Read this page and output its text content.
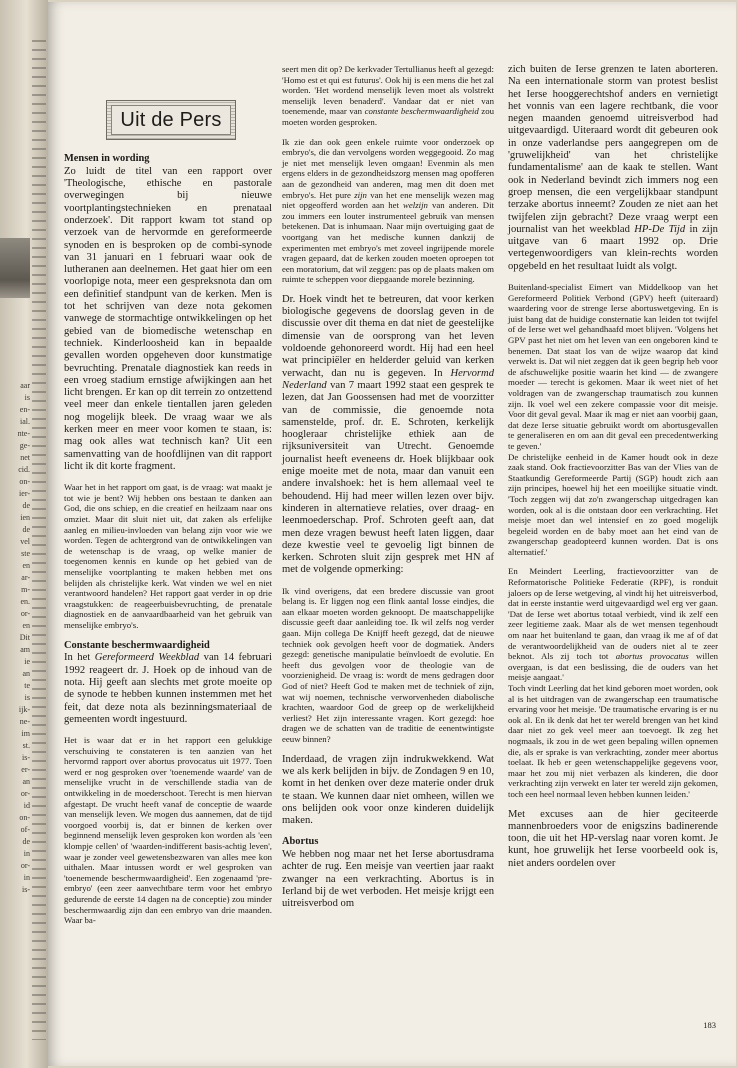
aar
is
en-
ial.
nte-
ge-
net
cid.
on-
ier-
de
ien
de
vel
ste
en
ar-
m-
en.
or-
en
Dit
am
ie
an
te
is
ijk-
ne-
im
st.
is-
er-
an
or-
id
on-
of-
de
in
or-
in
is-
Uit de Pers
Mensen in wording

Zo luidt de titel van een rapport over 'Theologische, ethische en pastorale overwegingen bij nieuwe voortplantingstechnieken en prenataal onderzoek'. Dit rapport kwam tot stand op verzoek van de hervormde en gereformeerde synoden en is besproken op de combi-synode van 31 januari en 1 februari waar ook de lutheranen aan deelnemen. Het gaat hier om een voorlopige nota, meer een gespreksnota dan om een definitief standpunt van de kerken. Men is tot het schrijven van deze nota gekomen vanwege de stormachtige ontwikkelingen op het gebied van de biomedische wetenschap en techniek. Kinderloosheid kan in bepaalde gevallen worden opgeheven door kunstmatige bevruchting. Prenatale diagnostiek kan reeds in een vroeg stadium ernstige afwijkingen aan het licht brengen. Er kan op dit terrein zo ontzettend veel meer dan enkele tientallen jaren geleden nog mogelijk bleek. De vraag waar we als kerken meer en meer voor komen te staan, is: mag ook alles wat technisch kan? Uit een samenvatting van de hoofdlijnen van dit rapport licht ik dit korte fragment.

Waar het in het rapport om gaat, is de vraag: wat maakt je tot wie je bent? Wij hebben ons bestaan te danken aan God, die ons schiep, en die creatief en heilzaam naar ons omziet. Maar dit sluit niet uit, dat zaken als erfelijke aanleg en milieu-invloeden van belang zijn voor wie we worden. Tegen de achtergrond van de ontwikkelingen van de wetenschap is de vraag, op welke manier de toegenomen kennis en kunde op het gebied van de menselijke voortplanting te maken hebben met ons belijden als christelijke kerk. Wat vinden we wel en niet verantwoord handelen? Het rapport gaat verder in op drie vraagstukken: de reageerbuisbevruchting, de prenatale diagnostiek en de aanvaardbaarheid van het gebruik van menselijke embryo's.

Constante beschermwaardigheid

In het Gereformeerd Weekblad van 14 februari 1992 reageert dr. J. Hoek op de inhoud van de nota. Hij geeft aan slechts met grote moeite op de synode te hebben kunnen instemmen met het feit, dat deze nota als bezinningsmateriaal de gemeenten wordt ingestuurd.

Het is waar dat er in het rapport een gelukkige verschuiving te constateren is ten aanzien van het hervormd rapport over abortus provocatus uit 1977. Toen werd er nog gesproken over 'toenemende waarde' van de menselijke vrucht in de verschillende stadia van de ontwikkeling in de moederschoot. Terecht is men hiervan afgestapt. De vrucht heeft vanaf de conceptie de waarde van menselijk leven. We mogen dus aannemen, dat de tijd voorgoed voorbij is, dat er binnen de kerken over beginnend menselijk leven gesproken kon worden als 'een klompje cellen' of 'waarden-indifferent basis-achtig leven', waar je zonder veel gewetensbezwaren van alles mee kon uithalen. Maar intussen wordt er wel gesproken van 'toenemende beschermwaardigheid'. Een zogenaamd 'pre-embryo' (een zeer aanvechtbare term voor het embryo gedurende de eerste 14 dagen na de conceptie) zou minder beschermwaardig zijn dan een embryo van drie maanden. Waar ba-

seert men dit op? De kerkvader Tertullianus heeft al gezegd: 'Homo est et qui est futurus'. Ook hij is een mens die het zal worden. 'Het wordend menselijk leven moet als volstrekt menselijk leven benaderd'. Vandaar dat er niet van toenemende, maar van constante beschermwaardigheid zou moeten worden gesproken.

Ik zie dan ook geen enkele ruimte voor onderzoek op embryo's, die dan vervolgens worden weggegooid. Zo mag je niet met menselijk leven omgaan! Evenmin als men ergens elders in de gezondheidszorg mensen mag opofferen aan de gezondheid van anderen, mag men dit doen met embryo's. Het pure zijn van het ene menselijk wezen mag niet opgeofferd worden aan het welzijn van anderen. Dit zou immers een louter instrumenteel gebruik van mensen betekenen. Dat is inhumaan. Naar mijn overtuiging gaat de voortgang van het medische kunnen dankzij de experimenten met embryo's met zoveel ingrijpende morele vragen gepaard, dat de kerken zouden moeten oproepen tot een moratorium, dat wil zeggen: pas op de plaats maken om ruimte te scheppen voor diepgaande morele bezinning.

Dr. Hoek vindt het te betreuren, dat voor kerken biologische gegevens de doorslag geven in de discussie over dit thema en dat niet de geestelijke dimensie van de oorsprong van het leven voldoende gehonoreerd wordt. Hij had een heel wat principiëler en helderder geluid van kerken verwacht, dan nu is gegeven. In Hervormd Nederland van 7 maart 1992 staat een gesprek te lezen, dat Jan Goossensen had met de voorzitter van de commissie, die genoemde nota samenstelde, prof. dr. E. Schroten, kerkelijk hoogleraar christelijke ethiek aan de rijksuniversiteit van Utrecht. Genoemde journalist heeft eveneens dr. Hoek blijkbaar ook enige moeite met de nota, maar dan vanuit een andere invalshoek: het is hem allemaal veel te behoudend. Hij had meer willen lezen over bijv. kinderen in alternatieve relaties, over draag- en leenmoederschap. Prof. Schroten geeft aan, dat men deze vragen bewust heeft laten liggen, daar deze kwestie veel te gevoelig ligt binnen de kerken. Schroten sluit zijn gesprek met HN af met de volgende opmerking:

Ik vind overigens, dat een bredere discussie van groot belang is. Er liggen nog een flink aantal losse eindjes, die aan elkaar moeten worden geknoopt. De maatschappelijke discussie geeft daar aanleiding toe. Ik wil zelfs nog verder gaan. Mijn collega De Knijff heeft gezegd, dat de nieuwe techniek ook gevolgen heeft voor de dogmatiek. Anders gezegd: genetische manipulatie beïnvloedt de evolutie. En heeft dus gevolgen voor de theologie van de voorzienigheid. De vraag is: wordt de mens gedragen door God of niet? Heeft God te maken met de techniek of zijn, wat wij noemen, technische verworvenheden diabolische krachten, waardoor God de greep op de werkelijkheid verliest? Het zijn interessante vragen. Kort gezegd: hoe dragen we de schatten van de traditie de eenentwintigste eeuw binnen?

Inderdaad, de vragen zijn indrukwekkend. Wat we als kerk belijden in bijv. de Zondagen 9 en 10, komt in het denken over deze materie onder druk te staan. We kunnen daar niet omheen, willen we ons belijden ook voor onze kinderen duidelijk maken.

Abortus

We hebben nog maar net het Ierse abortusdrama achter de rug. Een meisje van veertien jaar raakt zwanger na een verkrachting. Abortus is in Ierland bij de wet verboden. Het meisje krijgt een uitreisverbod om

zich buiten de Ierse grenzen te laten aborteren. Na een internationale storm van protest beslist het Ierse hooggerechtshof anders en vernietigt het vonnis van een lagere rechtbank, die voor negen maanden genoemd uitreisverbod had uitgevaardigd. Uiteraard wordt dit gebeuren ook in onze vaderlandse pers aangegrepen om de 'gruwelijkheid' van het christelijke fundamentalisme' aan de kaak te stellen. Want ook in Nederland bevindt zich immers nog een groep mensen, die een vergelijkbaar standpunt terzake abortus inneemt? Zouden ze niet aan het twijfelen zijn gebracht? Deze vraag werpt een journalist van het weekblad HP-De Tijd in zijn uitgave van 6 maart 1992 op. Drie vertegenwoordigers van klein-rechts worden opgebeld en het resultaat luidt als volgt.

Buitenland-specialist Eimert van Middelkoop van het Gereformeerd Politiek Verbond (GPV) heeft (uiteraard) waardering voor de strenge Ierse abortuswetgeving. En is juist bang dat de huidige consternatie kan leiden tot twijfel of de Ierse wet wel gehandhaafd moet blijven. 'Volgens het GPV past het niet om het leven van een ongeboren kind te benemen. Dat staat los van de wijze waarop dat kind verwekt is. Dat wil niet zeggen dat ik geen begrip heb voor de afschuwelijke positie waarin het kind — de zwangere moeder — terecht is gekomen. Maar ik weet niet of het voldragen van de zwangerschap traumatisch zou kunnen zijn. Ik voel wel een zekere compassie voor dit meisje. Voor dit geval geval. Maar ik mag er niet aan voorbij gaan, dat deze Ierse situatie gebruikt wordt om abortusgevallen te generaliseren en om aan dit geval een precedentwerking te geven.'

De christelijke eenheid in de Kamer houdt ook in deze zaak stand. Ook fractievoorzitter Bas van der Vlies van de Staatkundig Gereformeerde Partij (SGP) houdt zich aan zijn principes, hoewel hij het een moeilijke situatie vindt. 'Toch zeggen wij dat zo'n zwangerschap uitgedragen kan worden, ook al is die ontstaan door een verkrachting. Het meisje moet dan wel intensief en zo goed mogelijk begeleid worden en de baby moet aan het eind van de zwangerschap geadopteerd kunnen worden. Dat is ons alternatief.'

En Meindert Leerling, fractievoorzitter van de Reformatorische Politieke Federatie (RPF), is ronduit jaloers op de Ierse wetgeving, al vindt hij het uitreisverbod, dat in eerste instantie werd uitgevaardigd wel erg ver gaan. 'Dat de Ierse wet abortus totaal verbiedt, vind ik zelf een zeer legitieme zaak. Maar als de wet mensen tegenhoudt om naar het buitenland te gaan, dan vraag ik me af of dat de verantwoordelijkheid van de ouders niet al te zeer beknot. Als zij toch tot abortus provocatus willen overgaan, is dat een beslissing, die de ouders van het meisje aangaat.'

Toch vindt Leerling dat het kind geboren moet worden, ook al is het uitdragen van de zwangerschap een traumatische ervaring voor het meisje. 'De traumatische ervaring is er nu ook al. En ik denk dat het ter wereld brengen van het kind daar niet zo gek veel meer aan toevoegt. Ik zeg het nogmaals, ik zou in de wet geen bepaling willen opnemen die, als er sprake is van verkrachting, zonder meer abortus toelaat. Ik heb er geen wetenschappelijke gegevens voor, maar het zou mij niet verbazen als kinderen, die door verkrachting zijn verwekt en later ter wereld zijn gekomen, toch een heel normaal leven hebben kunnen leiden.'

Met excuses aan de hier geciteerde mannenbroeders voor de enigszins badinerende toon, die uit het HP-verslag naar voren komt. Je kunt, hoe gruwelijk het Ierse voorbeeld ook is, niet anders oordelen over

183
